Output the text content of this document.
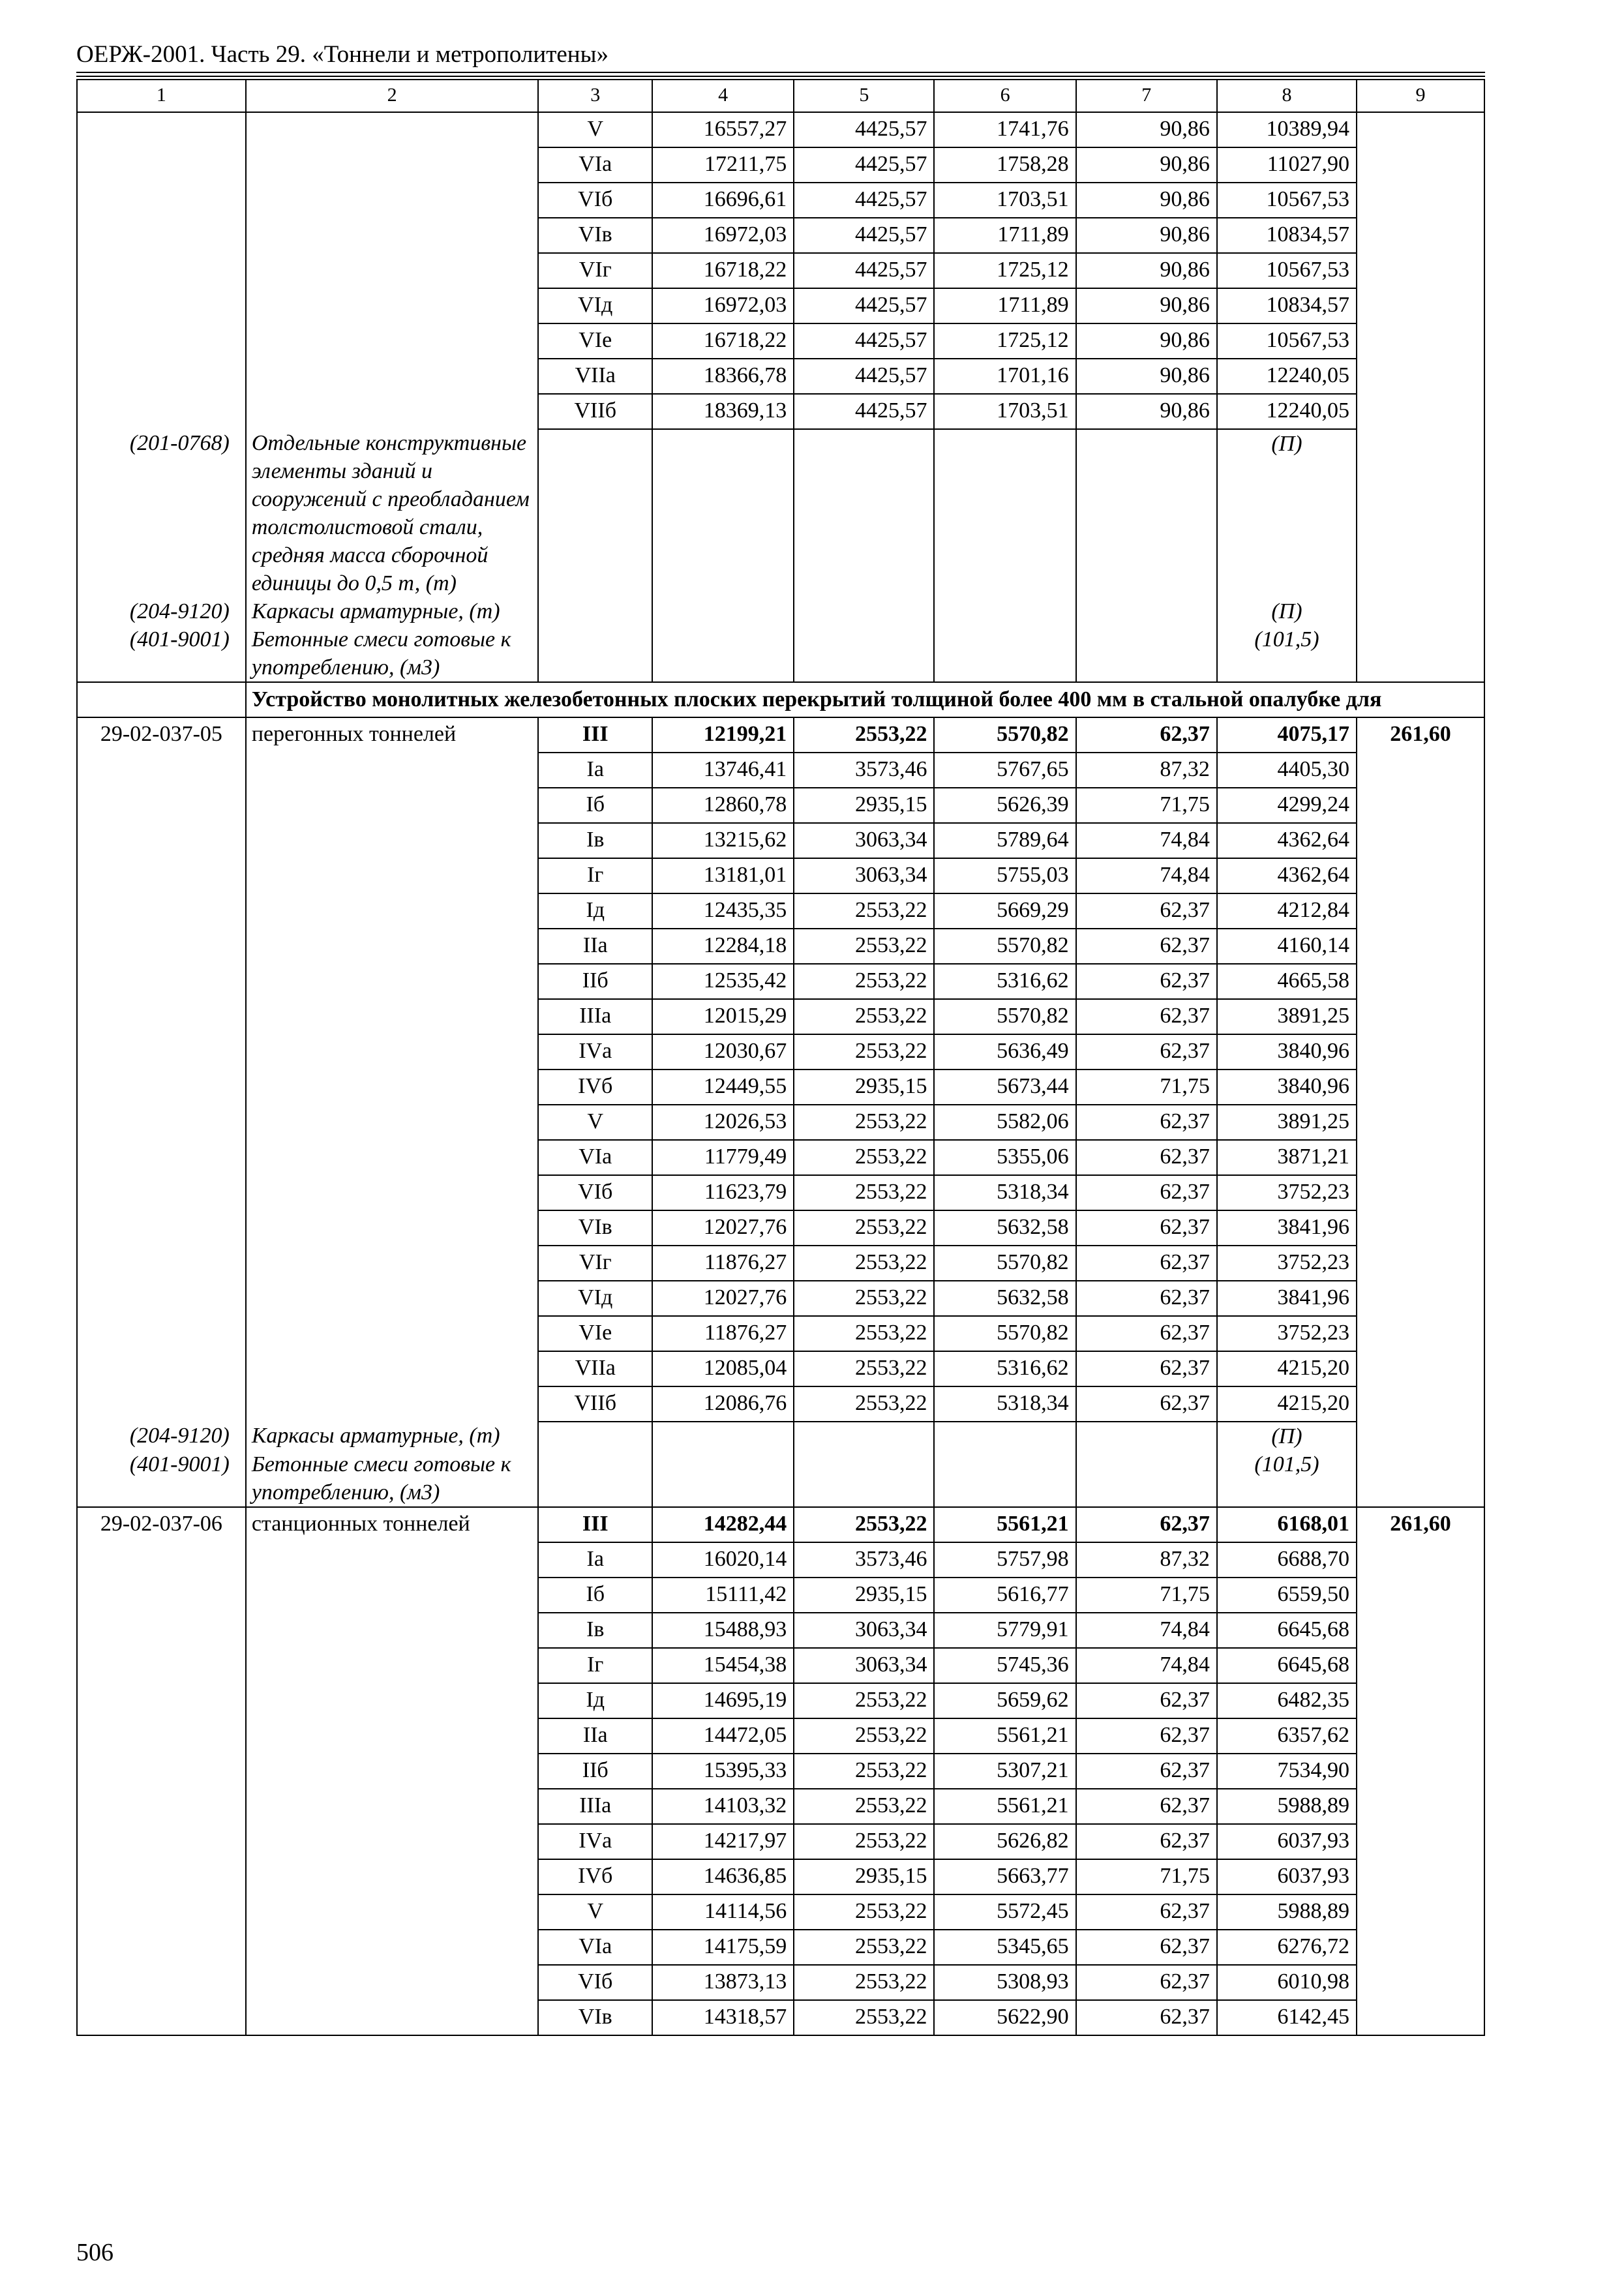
ОЕРЖ-2001. Часть 29. «Тоннели и метрополитены»
1	2	3	4	5	6	7	8	9
		V	16557,27	4425,57	1741,76	90,86	10389,94	
		VIа	17211,75	4425,57	1758,28	90,86	11027,90	
		VIб	16696,61	4425,57	1703,51	90,86	10567,53	
		VIв	16972,03	4425,57	1711,89	90,86	10834,57	
		VIг	16718,22	4425,57	1725,12	90,86	10567,53	
		VIд	16972,03	4425,57	1711,89	90,86	10834,57	
		VIе	16718,22	4425,57	1725,12	90,86	10567,53	
		VIIа	18366,78	4425,57	1701,16	90,86	12240,05	
		VIIб	18369,13	4425,57	1703,51	90,86	12240,05	
(201-0768)	Отдельные конструктивные элементы зданий и сооружений с преобладанием толстолистовой стали, средняя масса сборочной единицы до 0,5 т, (т)						(П)	
(204-9120)	Каркасы арматурные, (т)						(П)	
(401-9001)	Бетонные смеси готовые к употреблению, (м3)						(101,5)	
	Устройство монолитных железобетонных плоских перекрытий толщиной более 400 мм в стальной опалубке для							
29-02-037-05	перегонных тоннелей	III	12199,21	2553,22	5570,82	62,37	4075,17	261,60
		Iа	13746,41	3573,46	5767,65	87,32	4405,30	
		Iб	12860,78	2935,15	5626,39	71,75	4299,24	
		Iв	13215,62	3063,34	5789,64	74,84	4362,64	
		Iг	13181,01	3063,34	5755,03	74,84	4362,64	
		Iд	12435,35	2553,22	5669,29	62,37	4212,84	
		IIа	12284,18	2553,22	5570,82	62,37	4160,14	
		IIб	12535,42	2553,22	5316,62	62,37	4665,58	
		IIIа	12015,29	2553,22	5570,82	62,37	3891,25	
		IVа	12030,67	2553,22	5636,49	62,37	3840,96	
		IVб	12449,55	2935,15	5673,44	71,75	3840,96	
		V	12026,53	2553,22	5582,06	62,37	3891,25	
		VIа	11779,49	2553,22	5355,06	62,37	3871,21	
		VIб	11623,79	2553,22	5318,34	62,37	3752,23	
		VIв	12027,76	2553,22	5632,58	62,37	3841,96	
		VIг	11876,27	2553,22	5570,82	62,37	3752,23	
		VIд	12027,76	2553,22	5632,58	62,37	3841,96	
		VIе	11876,27	2553,22	5570,82	62,37	3752,23	
		VIIа	12085,04	2553,22	5316,62	62,37	4215,20	
		VIIб	12086,76	2553,22	5318,34	62,37	4215,20	
(204-9120)	Каркасы арматурные, (т)						(П)	
(401-9001)	Бетонные смеси готовые к употреблению, (м3)						(101,5)	
29-02-037-06	станционных тоннелей	III	14282,44	2553,22	5561,21	62,37	6168,01	261,60
		Iа	16020,14	3573,46	5757,98	87,32	6688,70	
		Iб	15111,42	2935,15	5616,77	71,75	6559,50	
		Iв	15488,93	3063,34	5779,91	74,84	6645,68	
		Iг	15454,38	3063,34	5745,36	74,84	6645,68	
		Iд	14695,19	2553,22	5659,62	62,37	6482,35	
		IIа	14472,05	2553,22	5561,21	62,37	6357,62	
		IIб	15395,33	2553,22	5307,21	62,37	7534,90	
		IIIа	14103,32	2553,22	5561,21	62,37	5988,89	
		IVа	14217,97	2553,22	5626,82	62,37	6037,93	
		IVб	14636,85	2935,15	5663,77	71,75	6037,93	
		V	14114,56	2553,22	5572,45	62,37	5988,89	
		VIа	14175,59	2553,22	5345,65	62,37	6276,72	
		VIб	13873,13	2553,22	5308,93	62,37	6010,98	
		VIв	14318,57	2553,22	5622,90	62,37	6142,45	
506
